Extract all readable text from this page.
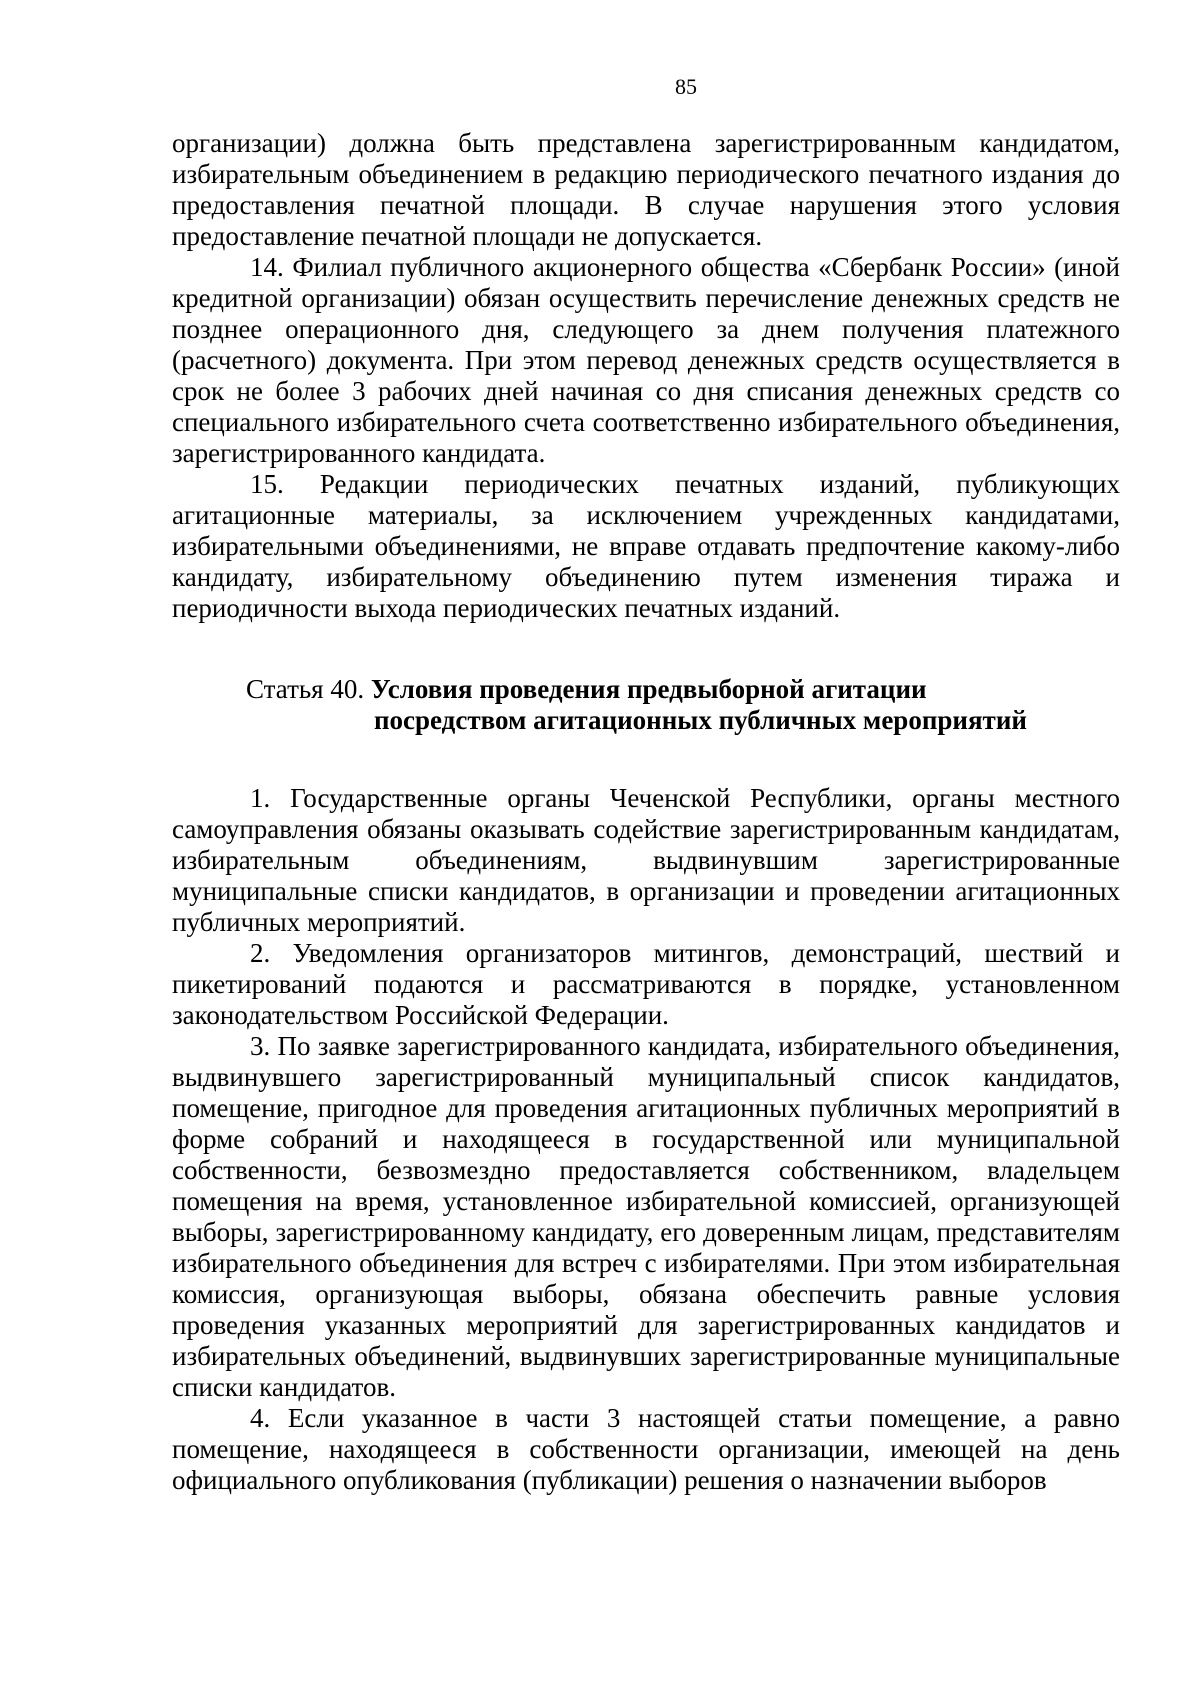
85

организации) должна быть представлена зарегистрированным кандидатом, избирательным объединением в редакцию периодического печатного издания до предоставления печатной площади. В случае нарушения этого условия предоставление печатной площади не допускается.

14. Филиал публичного акционерного общества «Сбербанк России» (иной кредитной организации) обязан осуществить перечисление денежных средств не позднее операционного дня, следующего за днем получения платежного (расчетного) документа. При этом перевод денежных средств осуществляется в срок не более 3 рабочих дней начиная со дня списания денежных средств со специального избирательного счета соответственно избирательного объединения, зарегистрированного кандидата.

15. Редакции периодических печатных изданий, публикующих агитационные материалы, за исключением учрежденных кандидатами, избирательными объединениями, не вправе отдавать предпочтение какому-либо кандидату, избирательному объединению путем изменения тиража и периодичности выхода периодических печатных изданий.

Статья 40. Условия проведения предвыборной агитации
посредством агитационных публичных мероприятий

1. Государственные органы Чеченской Республики, органы местного самоуправления обязаны оказывать содействие зарегистрированным кандидатам, избирательным объединениям, выдвинувшим зарегистрированные муниципальные списки кандидатов, в организации и проведении агитационных публичных мероприятий.

2. Уведомления организаторов митингов, демонстраций, шествий и пикетирований подаются и рассматриваются в порядке, установленном законодательством Российской Федерации.

3. По заявке зарегистрированного кандидата, избирательного объединения, выдвинувшего зарегистрированный муниципальный список кандидатов, помещение, пригодное для проведения агитационных публичных мероприятий в форме собраний и находящееся в государственной или муниципальной собственности, безвозмездно предоставляется собственником, владельцем помещения на время, установленное избирательной комиссией, организующей выборы, зарегистрированному кандидату, его доверенным лицам, представителям избирательного объединения для встреч с избирателями. При этом избирательная комиссия, организующая выборы, обязана обеспечить равные условия проведения указанных мероприятий для зарегистрированных кандидатов и избирательных объединений, выдвинувших зарегистрированные муниципальные списки кандидатов.

4. Если указанное в части 3 настоящей статьи помещение, а равно помещение, находящееся в собственности организации, имеющей на день официального опубликования (публикации) решения о назначении выборов
